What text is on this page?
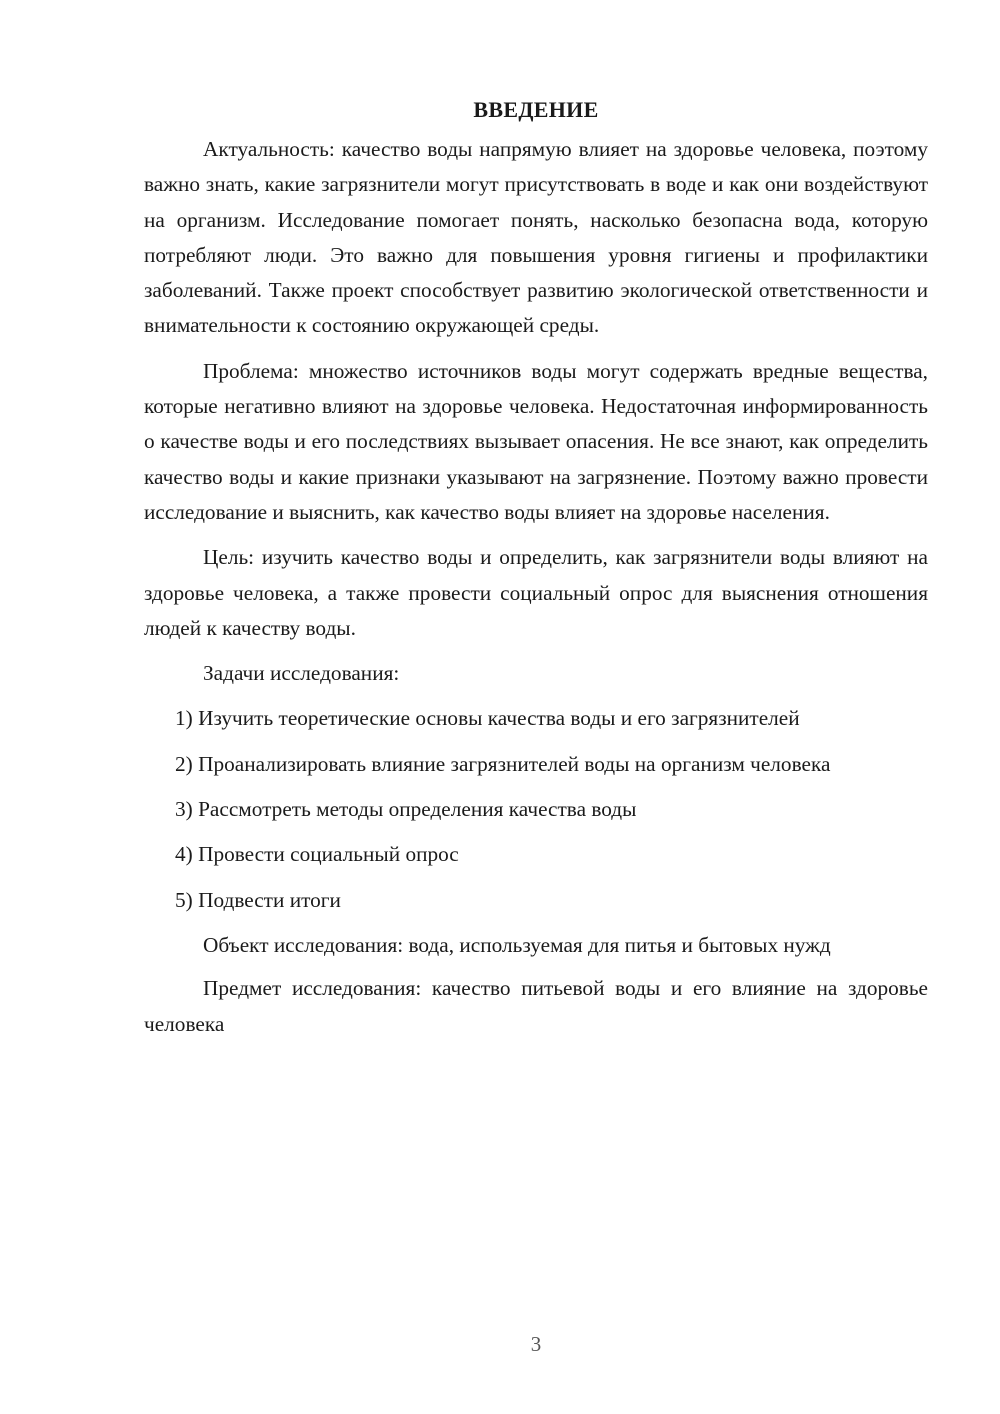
ВВЕДЕНИЕ

Актуальность: качество воды напрямую влияет на здоровье человека, поэтому важно знать, какие загрязнители могут присутствовать в воде и как они воздействуют на организм. Исследование помогает понять, насколько безопасна вода, которую потребляют люди. Это важно для повышения уровня гигиены и профилактики заболеваний. Также проект способствует развитию экологической ответственности и внимательности к состоянию окружающей среды.

Проблема: множество источников воды могут содержать вредные вещества, которые негативно влияют на здоровье человека. Недостаточная информированность о качестве воды и его последствиях вызывает опасения. Не все знают, как определить качество воды и какие признаки указывают на загрязнение. Поэтому важно провести исследование и выяснить, как качество воды влияет на здоровье населения.

Цель: изучить качество воды и определить, как загрязнители воды влияют на здоровье человека, а также провести социальный опрос для выяснения отношения людей к качеству воды.

Задачи исследования:

1) Изучить теоретические основы качества воды и его загрязнителей

2) Проанализировать влияние загрязнителей воды на организм человека

3) Рассмотреть методы определения качества воды

4) Провести социальный опрос

5) Подвести итоги

Объект исследования: вода, используемая для питья и бытовых нужд

Предмет исследования: качество питьевой воды и его влияние на здоровье человека

3
